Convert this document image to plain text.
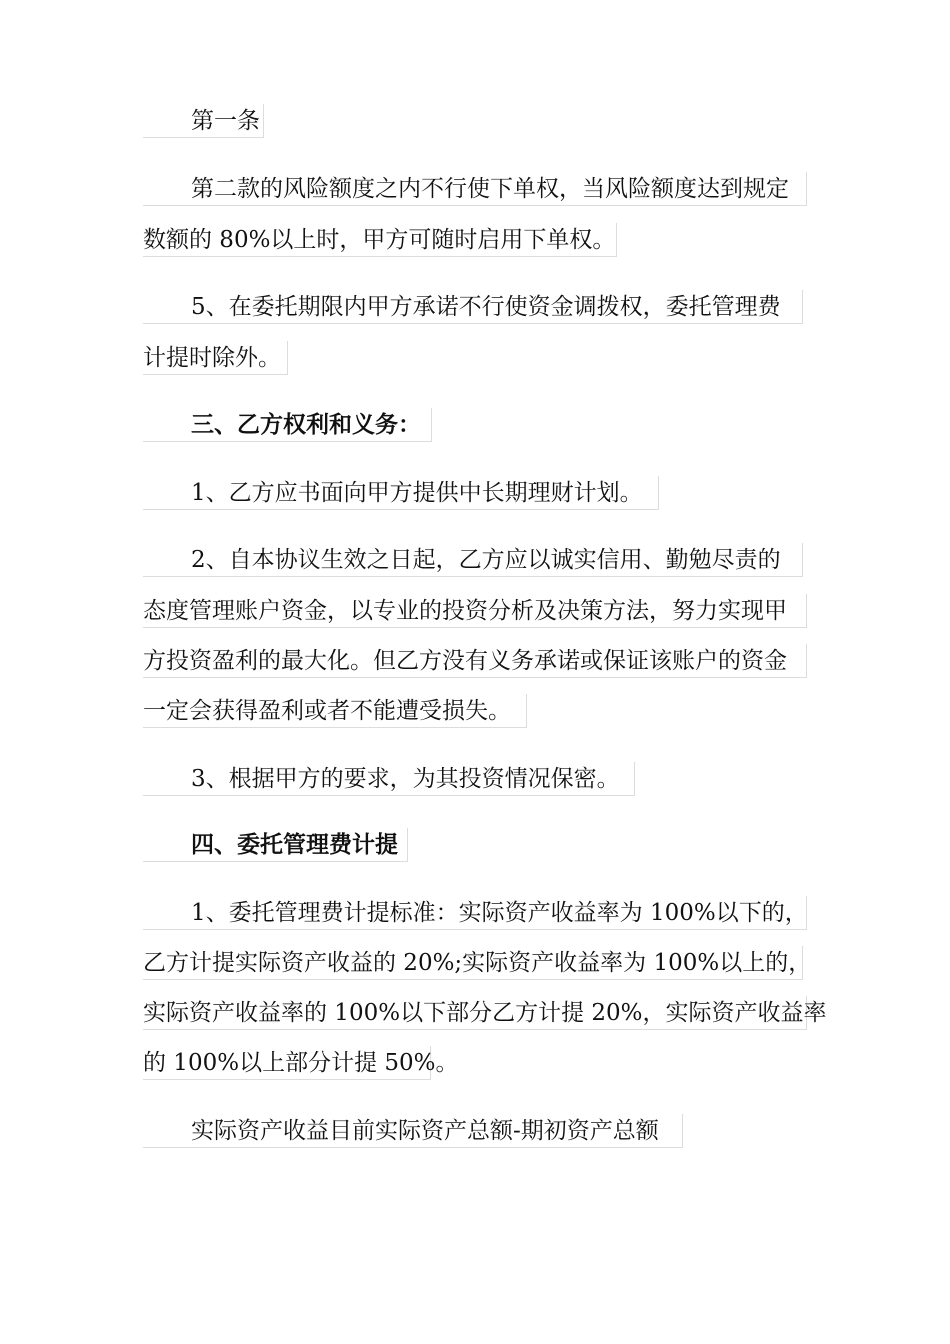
第一条
第二款的风险额度之内不行使下单权，当风险额度达到规定
数额的 80%以上时，甲方可随时启用下单权。
5、在委托期限内甲方承诺不行使资金调拨权，委托管理费
计提时除外。
三、乙方权利和义务：
1、乙方应书面向甲方提供中长期理财计划。
2、自本协议生效之日起，乙方应以诚实信用、勤勉尽责的
态度管理账户资金，以专业的投资分析及决策方法，努力实现甲
方投资盈利的最大化。但乙方没有义务承诺或保证该账户的资金
一定会获得盈利或者不能遭受损失。
3、根据甲方的要求，为其投资情况保密。
四、委托管理费计提
1、委托管理费计提标准：实际资产收益率为 100%以下的，
乙方计提实际资产收益的 20%;实际资产收益率为 100%以上的，
实际资产收益率的 100%以下部分乙方计提 20%，实际资产收益率
的 100%以上部分计提 50%。
实际资产收益目前实际资产总额-期初资产总额
